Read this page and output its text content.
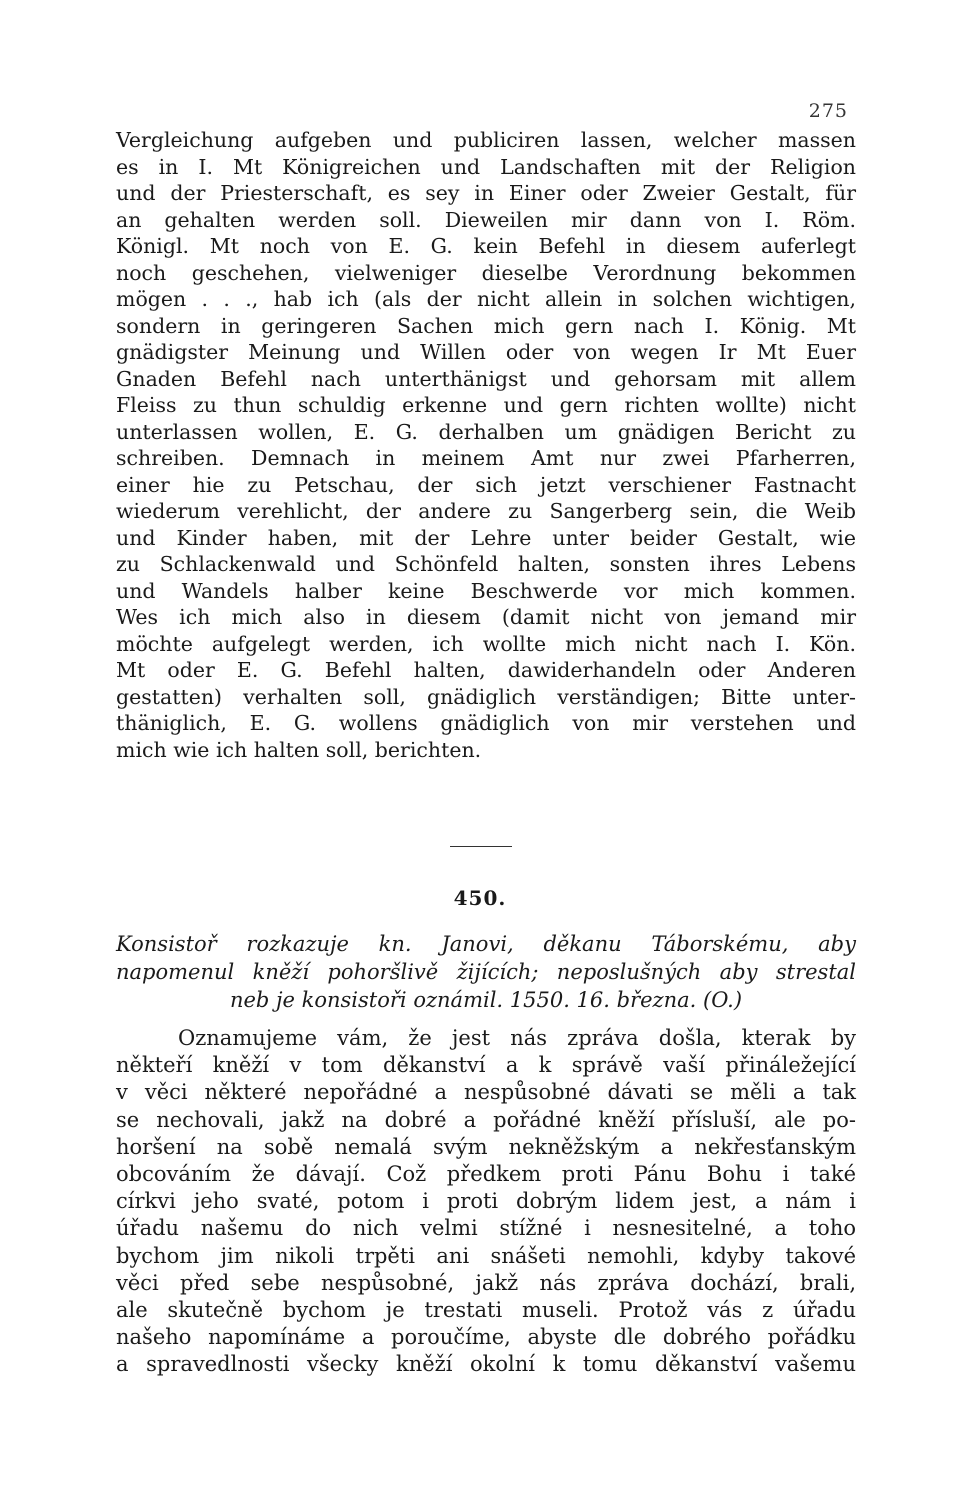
275
Vergleichung aufgeben und publiciren lassen, welcher massen
es in I. Mt Königreichen und Landschaften mit der Religion
und der Priesterschaft, es sey in Einer oder Zweier Gestalt, für
an gehalten werden soll. Dieweilen mir dann von I. Röm.
Königl. Mt noch von E. G. kein Befehl in diesem auferlegt
noch geschehen, vielweniger dieselbe Verordnung bekommen
mögen . . ., hab ich (als der nicht allein in solchen wichtigen,
sondern in geringeren Sachen mich gern nach I. König. Mt
gnädigster Meinung und Willen oder von wegen Ir Mt Euer
Gnaden Befehl nach unterthänigst und gehorsam mit allem
Fleiss zu thun schuldig erkenne und gern richten wollte) nicht
unterlassen wollen, E. G. derhalben um gnädigen Bericht zu
schreiben. Demnach in meinem Amt nur zwei Pfarherren,
einer hie zu Petschau, der sich jetzt verschiener Fastnacht
wiederum verehlicht, der andere zu Sangerberg sein, die Weib
und Kinder haben, mit der Lehre unter beider Gestalt, wie
zu Schlackenwald und Schönfeld halten, sonsten ihres Lebens
und Wandels halber keine Beschwerde vor mich kommen.
Wes ich mich also in diesem (damit nicht von jemand mir
möchte aufgelegt werden, ich wollte mich nicht nach I. Kön.
Mt oder E. G. Befehl halten, dawiderhandeln oder Anderen
gestatten) verhalten soll, gnädiglich verständigen; Bitte unter-
thäniglich, E. G. wollens gnädiglich von mir verstehen und
mich wie ich halten soll, berichten.
450.
Konsistoř rozkazuje kn. Janovi, děkanu Táborskému, aby
napomenul kněží pohoršlivě žijících; neposlušných aby strestal
neb je konsistoři oznámil. 1550. 16. března. (O.)
Oznamujeme vám, že jest nás zpráva došla, kterak by
někteří kněží v tom děkanství a k správě vaší přináležející
v věci některé nepořádné a nespůsobné dávati se měli a tak
se nechovali, jakž na dobré a pořádné kněží přísluší, ale po-
horšení na sobě nemalá svým nekněžským a nekřesťanským
obcováním že dávají. Což předkem proti Pánu Bohu i také
církvi jeho svaté, potom i proti dobrým lidem jest, a nám i
úřadu našemu do nich velmi stížné i nesnesitelné, a toho
bychom jim nikoli trpěti ani snášeti nemohli, kdyby takové
věci před sebe nespůsobné, jakž nás zpráva dochází, brali,
ale skutečně bychom je trestati museli. Protož vás z úřadu
našeho napomínáme a poroučíme, abyste dle dobrého pořádku
a spravedlnosti všecky kněží okolní k tomu děkanství vašemu
